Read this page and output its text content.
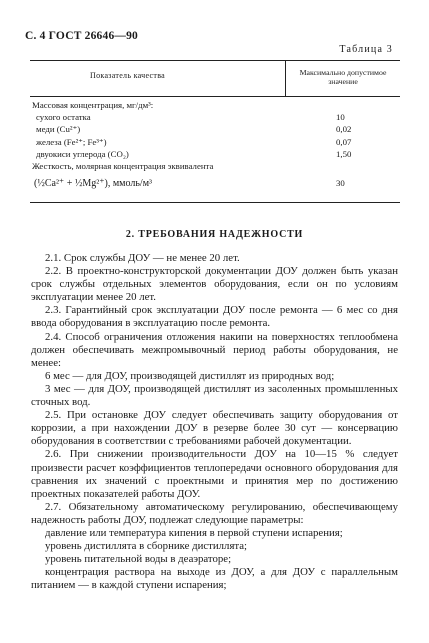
С. 4 ГОСТ 26646—90
Таблица 3
Показатель качества	Максимально допустимое значение
Массовая концентрация, мг/дм³:
сухого остатка	10
меди (Cu²⁺)	0,02
железа (Fe²⁺; Fe³⁺)	0,07
двуокиси углерода (CO₂)	1,50
Жесткость, молярная концентрация эквивалента
(½Ca²⁺ + ½Mg²⁺), ммоль/м³	30
2. ТРЕБОВАНИЯ НАДЕЖНОСТИ

2.1. Срок службы ДОУ — не менее 20 лет.

2.2. В проектно-конструкторской документации ДОУ должен быть указан срок службы отдельных элементов оборудования, если он по условиям эксплуатации менее 20 лет.

2.3. Гарантийный срок эксплуатации ДОУ после ремонта — 6 мес со дня ввода оборудования в эксплуатацию после ремонта.

2.4. Способ ограничения отложения накипи на поверхностях теплообмена должен обеспечивать межпромывочный период работы оборудования, не менее:

6 мес — для ДОУ, производящей дистиллят из природных вод;

3 мес — для ДОУ, производящей дистиллят из засоленных промышленных сточных вод.

2.5. При остановке ДОУ следует обеспечивать защиту оборудования от коррозии, а при нахождении ДОУ в резерве более 30 сут — консервацию оборудования в соответствии с требованиями рабочей документации.

2.6. При снижении производительности ДОУ на 10—15 % следует произвести расчет коэффициентов теплопередачи основного оборудования для сравнения их значений с проектными и принятия мер по достижению проектных показателей работы ДОУ.

2.7. Обязательному автоматическому регулированию, обеспечивающему надежность работы ДОУ, подлежат следующие параметры:

давление или температура кипения в первой ступени испарения;

уровень дистиллята в сборнике дистиллята;

уровень питательной воды в деаэраторе;

концентрация раствора на выходе из ДОУ, а для ДОУ с параллельным питанием — в каждой ступени испарения;
